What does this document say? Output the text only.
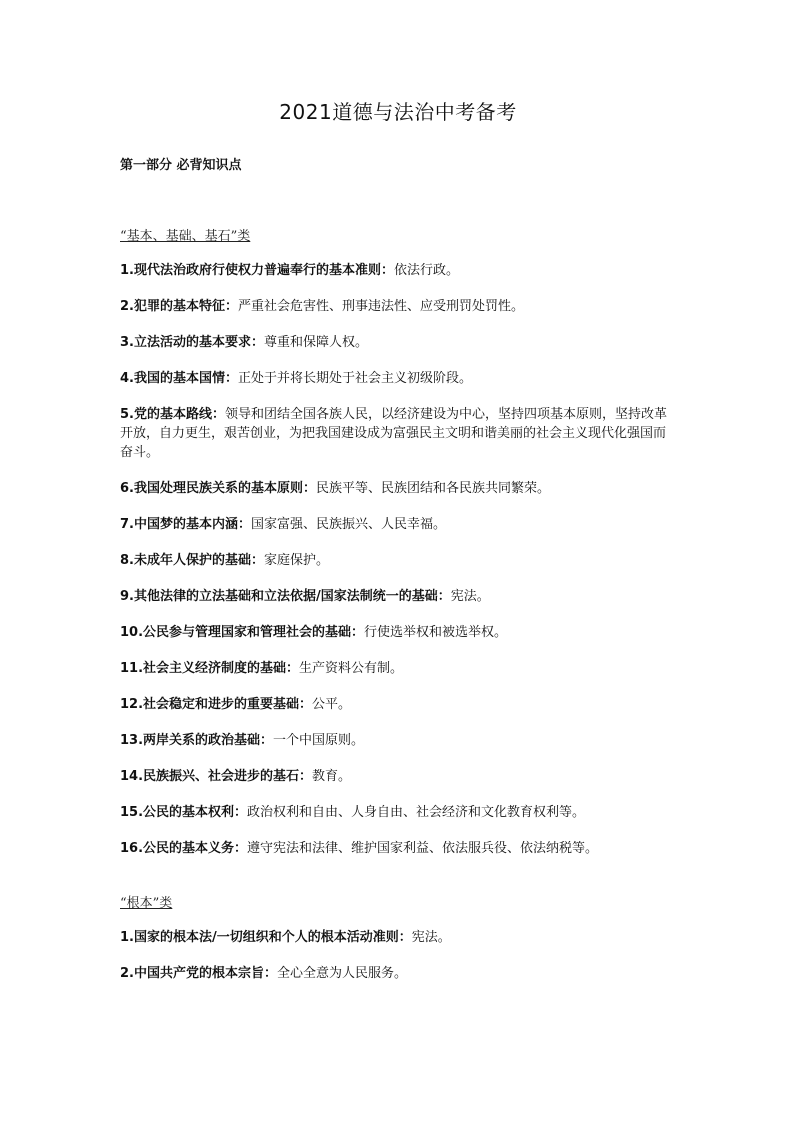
2021道德与法治中考备考
第一部分 必背知识点
“基本、基础、基石”类
1.现代法治政府行使权力普遍奉行的基本准则：依法行政。
2.犯罪的基本特征：严重社会危害性、刑事违法性、应受刑罚处罚性。
3.立法活动的基本要求：尊重和保障人权。
4.我国的基本国情：正处于并将长期处于社会主义初级阶段。
5.党的基本路线：领导和团结全国各族人民，以经济建设为中心，坚持四项基本原则，坚持改革开放，自力更生，艰苦创业，为把我国建设成为富强民主文明和谐美丽的社会主义现代化强国而奋斗。
6.我国处理民族关系的基本原则：民族平等、民族团结和各民族共同繁荣。
7.中国梦的基本内涵：国家富强、民族振兴、人民幸福。
8.未成年人保护的基础：家庭保护。
9.其他法律的立法基础和立法依据/国家法制统一的基础：宪法。
10.公民参与管理国家和管理社会的基础：行使选举权和被选举权。
11.社会主义经济制度的基础：生产资料公有制。
12.社会稳定和进步的重要基础：公平。
13.两岸关系的政治基础：一个中国原则。
14.民族振兴、社会进步的基石：教育。
15.公民的基本权利：政治权利和自由、人身自由、社会经济和文化教育权利等。
16.公民的基本义务：遵守宪法和法律、维护国家利益、依法服兵役、依法纳税等。
“根本”类
1.国家的根本法/一切组织和个人的根本活动准则：宪法。
2.中国共产党的根本宗旨：全心全意为人民服务。
